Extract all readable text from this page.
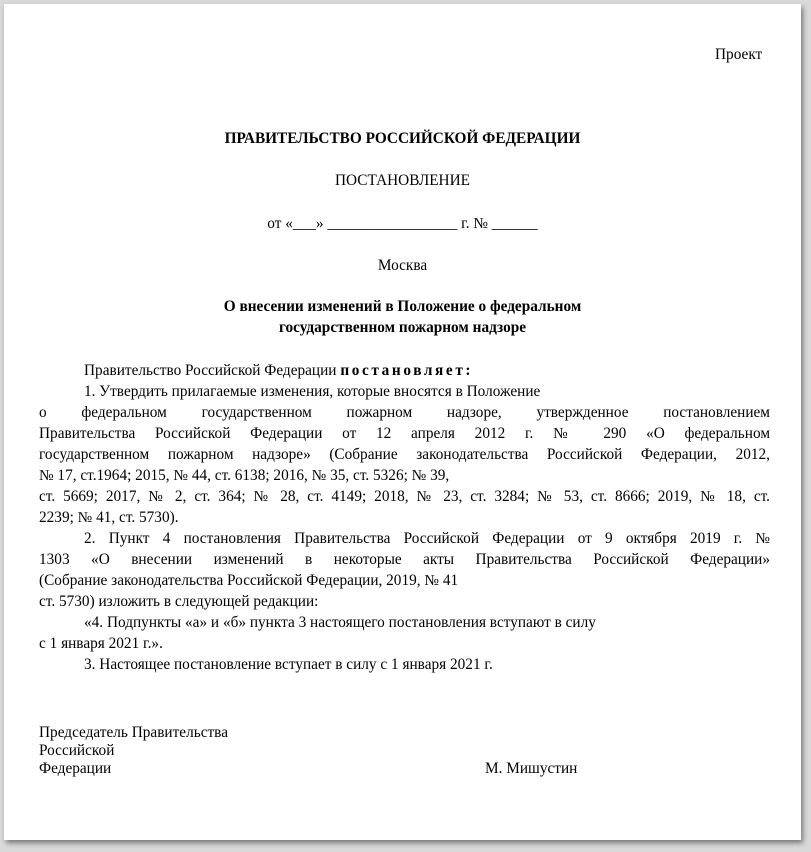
Проект
ПРАВИТЕЛЬСТВО РОССИЙСКОЙ ФЕДЕРАЦИИ
ПОСТАНОВЛЕНИЕ
от «___» _________________ г. № ______
Москва
О внесении изменений в Положение о федеральном
государственном пожарном надзоре
Правительство Российской Федерации постановляет:
1. Утвердить прилагаемые изменения, которые вносятся в Положение
о федеральном государственном пожарном надзоре, утвержденное постановлением
Правительства Российской Федерации от 12 апреля 2012 г. № 290 «О федеральном
государственном пожарном надзоре» (Собрание законодательства Российской Федерации, 2012,
№ 17, ст.1964; 2015, № 44, ст. 6138; 2016, № 35, ст. 5326; № 39,
ст. 5669; 2017, № 2, ст. 364; № 28, ст. 4149; 2018, № 23, ст. 3284; № 53, ст. 8666; 2019, № 18, ст.
2239; № 41, ст. 5730).
2. Пункт 4 постановления Правительства Российской Федерации от 9 октября 2019 г. №
1303 «О внесении изменений в некоторые акты Правительства Российской Федерации»
(Собрание законодательства Российской Федерации, 2019, № 41
ст. 5730) изложить в следующей редакции:
«4. Подпункты «а» и «б» пункта 3 настоящего постановления вступают в силу
с 1 января 2021 г.».
3. Настоящее постановление вступает в силу с 1 января 2021 г.
Председатель Правительства
Российской
Федерации	М. Мишустин
